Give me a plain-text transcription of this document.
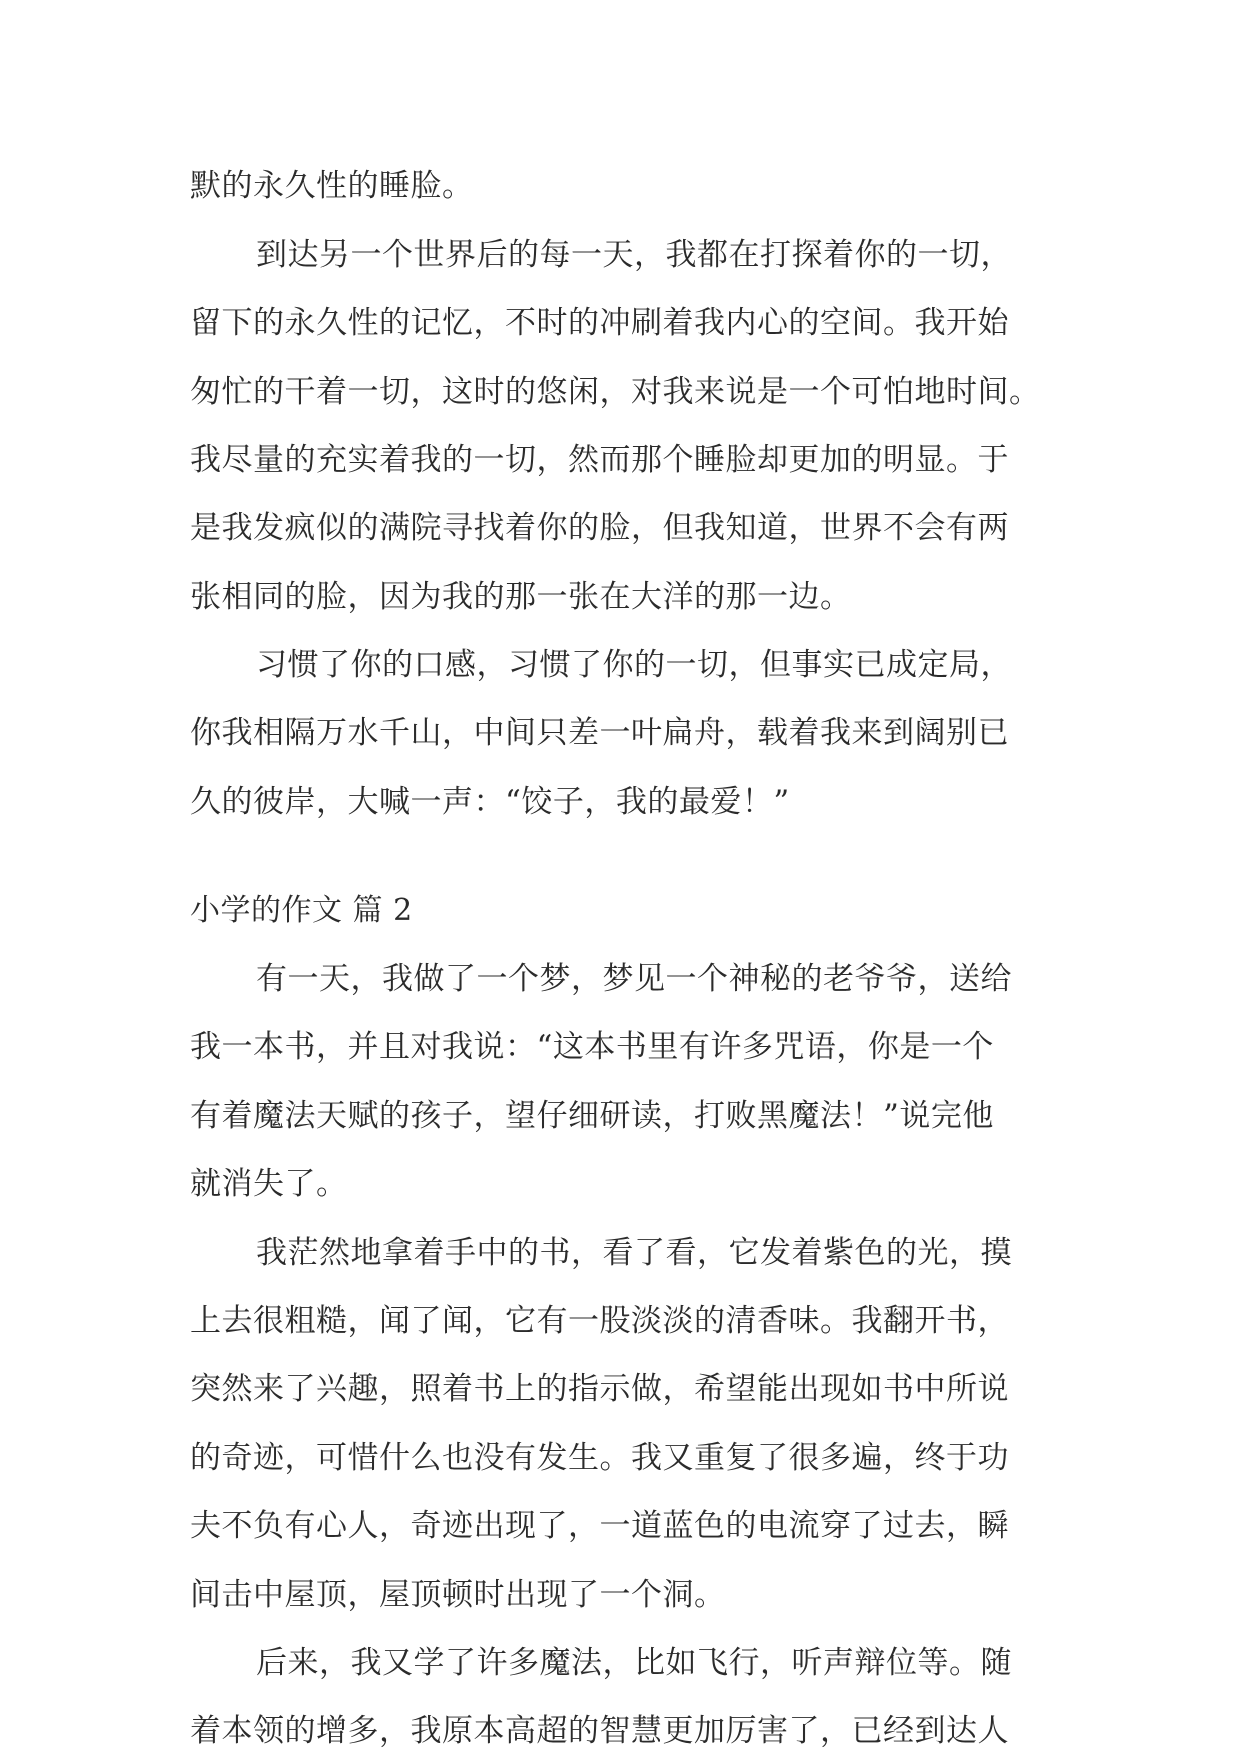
默的永久性的睡脸。
到达另一个世界后的每一天，我都在打探着你的一切，
留下的永久性的记忆，不时的冲刷着我内心的空间。我开始
匆忙的干着一切，这时的悠闲，对我来说是一个可怕地时间。
我尽量的充实着我的一切，然而那个睡脸却更加的明显。于
是我发疯似的满院寻找着你的脸，但我知道，世界不会有两
张相同的脸，因为我的那一张在大洋的那一边。
习惯了你的口感，习惯了你的一切，但事实已成定局，
你我相隔万水千山，中间只差一叶扁舟，载着我来到阔别已
久的彼岸，大喊一声：“饺子，我的最爱！”
小学的作文 篇 2
有一天，我做了一个梦，梦见一个神秘的老爷爷，送给
我一本书，并且对我说：“这本书里有许多咒语，你是一个
有着魔法天赋的孩子，望仔细研读，打败黑魔法！”说完他
就消失了。
我茫然地拿着手中的书，看了看，它发着紫色的光，摸
上去很粗糙，闻了闻，它有一股淡淡的清香味。我翻开书，
突然来了兴趣，照着书上的指示做，希望能出现如书中所说
的奇迹，可惜什么也没有发生。我又重复了很多遍，终于功
夫不负有心人，奇迹出现了，一道蓝色的电流穿了过去，瞬
间击中屋顶，屋顶顿时出现了一个洞。
后来，我又学了许多魔法，比如飞行，听声辩位等。随
着本领的增多，我原本高超的智慧更加厉害了，已经到达人
